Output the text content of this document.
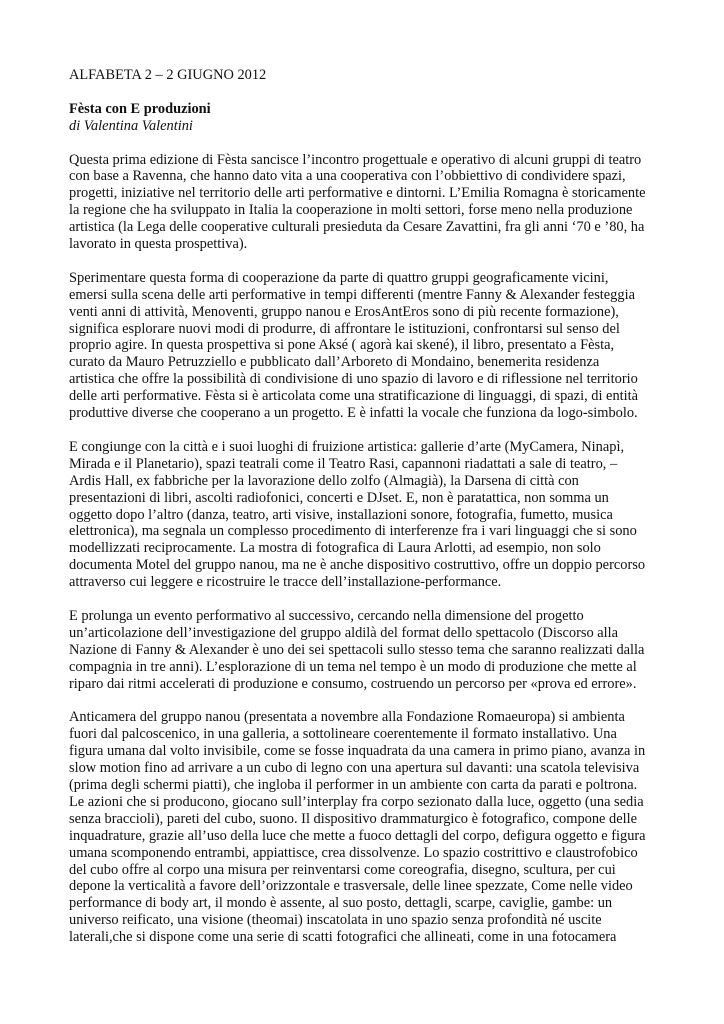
ALFABETA 2 – 2 GIUGNO 2012

Fèsta con E produzioni

di Valentina Valentini

Questa prima edizione di Fèsta sancisce l’incontro progettuale e operativo di alcuni gruppi di teatro
con base a Ravenna, che hanno dato vita a una cooperativa con l’obbiettivo di condividere spazi,
progetti, iniziative nel territorio delle arti performative e dintorni. L’Emilia Romagna è storicamente
la regione che ha sviluppato in Italia la cooperazione in molti settori, forse meno nella produzione
artistica (la Lega delle cooperative culturali presieduta da Cesare Zavattini, fra gli anni ‘70 e ’80, ha
lavorato in questa prospettiva).

Sperimentare questa forma di cooperazione da parte di quattro gruppi geograficamente vicini,
emersi sulla scena delle arti performative in tempi differenti (mentre Fanny & Alexander festeggia
venti anni di attività, Menoventi, gruppo nanou e ErosAntEros sono di più recente formazione),
significa esplorare nuovi modi di produrre, di affrontare le istituzioni, confrontarsi sul senso del
proprio agire. In questa prospettiva si pone Aksé ( agorà kai skené), il libro, presentato a Fèsta,
curato da Mauro Petruzziello e pubblicato dall’Arboreto di Mondaino, benemerita residenza
artistica che offre la possibilità di condivisione di uno spazio di lavoro e di riflessione nel territorio
delle arti performative. Fèsta si è articolata come una stratificazione di linguaggi, di spazi, di entità
produttive diverse che cooperano a un progetto. E è infatti la vocale che funziona da logo-simbolo.

E congiunge con la città e i suoi luoghi di fruizione artistica: gallerie d’arte (MyCamera, Ninapì,
Mirada e il Planetario), spazi teatrali come il Teatro Rasi, capannoni riadattati a sale di teatro, –
Ardis Hall, ex fabbriche per la lavorazione dello zolfo (Almagià), la Darsena di città con
presentazioni di libri, ascolti radiofonici, concerti e DJset. E, non è paratattica, non somma un
oggetto dopo l’altro (danza, teatro, arti visive, installazioni sonore, fotografia, fumetto, musica
elettronica), ma segnala un complesso procedimento di interferenze fra i vari linguaggi che si sono
modellizzati reciprocamente. La mostra di fotografica di Laura Arlotti, ad esempio, non solo
documenta Motel del gruppo nanou, ma ne è anche dispositivo costruttivo, offre un doppio percorso
attraverso cui leggere e ricostruire le tracce dell’installazione-performance.

E prolunga un evento performativo al successivo, cercando nella dimensione del progetto
un’articolazione dell’investigazione del gruppo aldilà del format dello spettacolo (Discorso alla
Nazione di Fanny & Alexander è uno dei sei spettacoli sullo stesso tema che saranno realizzati dalla
compagnia in tre anni). L’esplorazione di un tema nel tempo è un modo di produzione che mette al
riparo dai ritmi accelerati di produzione e consumo, costruendo un percorso per «prova ed errore».

Anticamera del gruppo nanou (presentata a novembre alla Fondazione Romaeuropa) si ambienta
fuori dal palcoscenico, in una galleria, a sottolineare coerentemente il formato installativo. Una
figura umana dal volto invisibile, come se fosse inquadrata da una camera in primo piano, avanza in
slow motion fino ad arrivare a un cubo di legno con una apertura sul davanti: una scatola televisiva
(prima degli schermi piatti), che ingloba il performer in un ambiente con carta da parati e poltrona.
Le azioni che si producono, giocano sull’interplay fra corpo sezionato dalla luce, oggetto (una sedia
senza braccioli), pareti del cubo, suono. Il dispositivo drammaturgico è fotografico, compone delle
inquadrature, grazie all’uso della luce che mette a fuoco dettagli del corpo, defigura oggetto e figura
umana scomponendo entrambi, appiattisce, crea dissolvenze. Lo spazio costrittivo e claustrofobico
del cubo offre al corpo una misura per reinventarsi come coreografia, disegno, scultura, per cui
depone la verticalità a favore dell’orizzontale e trasversale, delle linee spezzate, Come nelle video
performance di body art, il mondo è assente, al suo posto, dettagli, scarpe, caviglie, gambe: un
universo reificato, una visione (theomai) inscatolata in uno spazio senza profondità né uscite
laterali,che si dispone come una serie di scatti fotografici che allineati, come in una fotocamera
